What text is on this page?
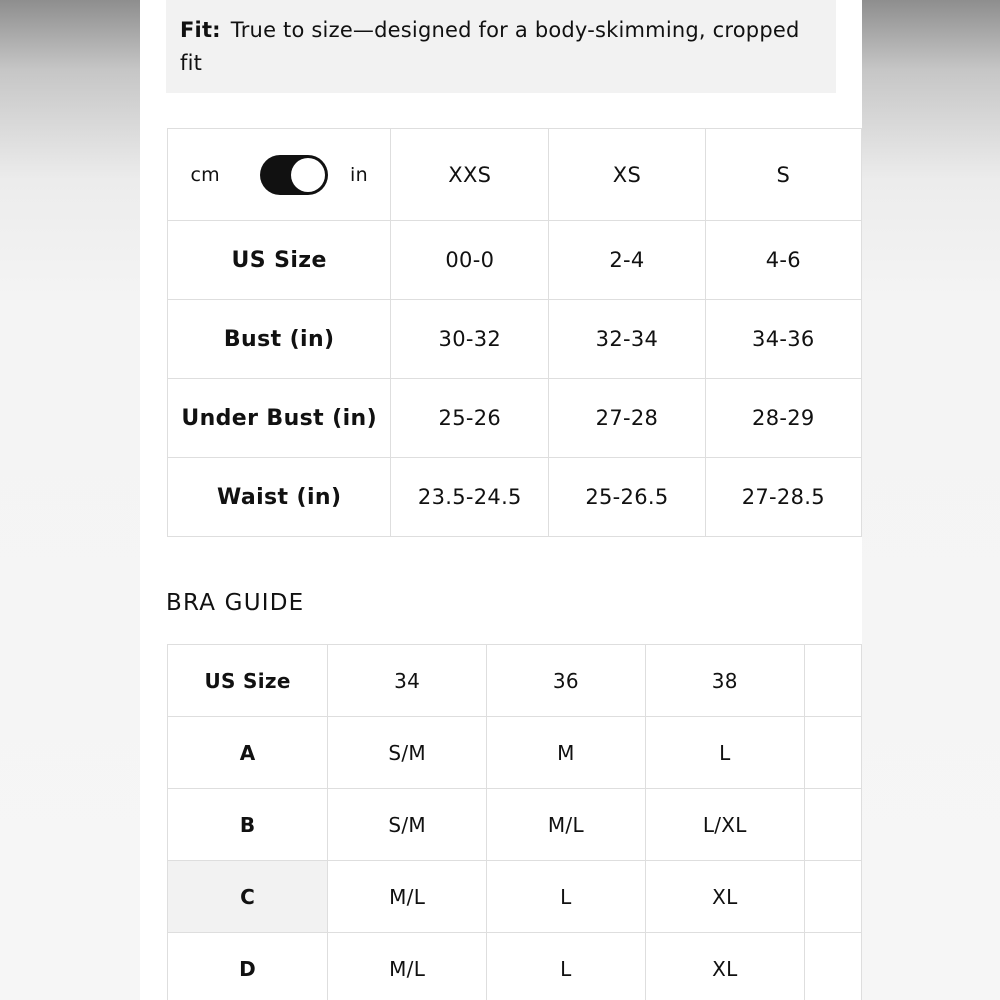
Fit: True to size—designed for a body-skimming, cropped fit
cm in	XXS	XS	S
US Size	00-0	2-4	4-6
Bust (in)	30-32	32-34	34-36
Under Bust (in)	25-26	27-28	28-29
Waist (in)	23.5-24.5	25-26.5	27-28.5
BRA GUIDE
US Size	34	36	38	
A	S/M	M	L	
B	S/M	M/L	L/XL	
C	M/L	L	XL	
D	M/L	L	XL	
